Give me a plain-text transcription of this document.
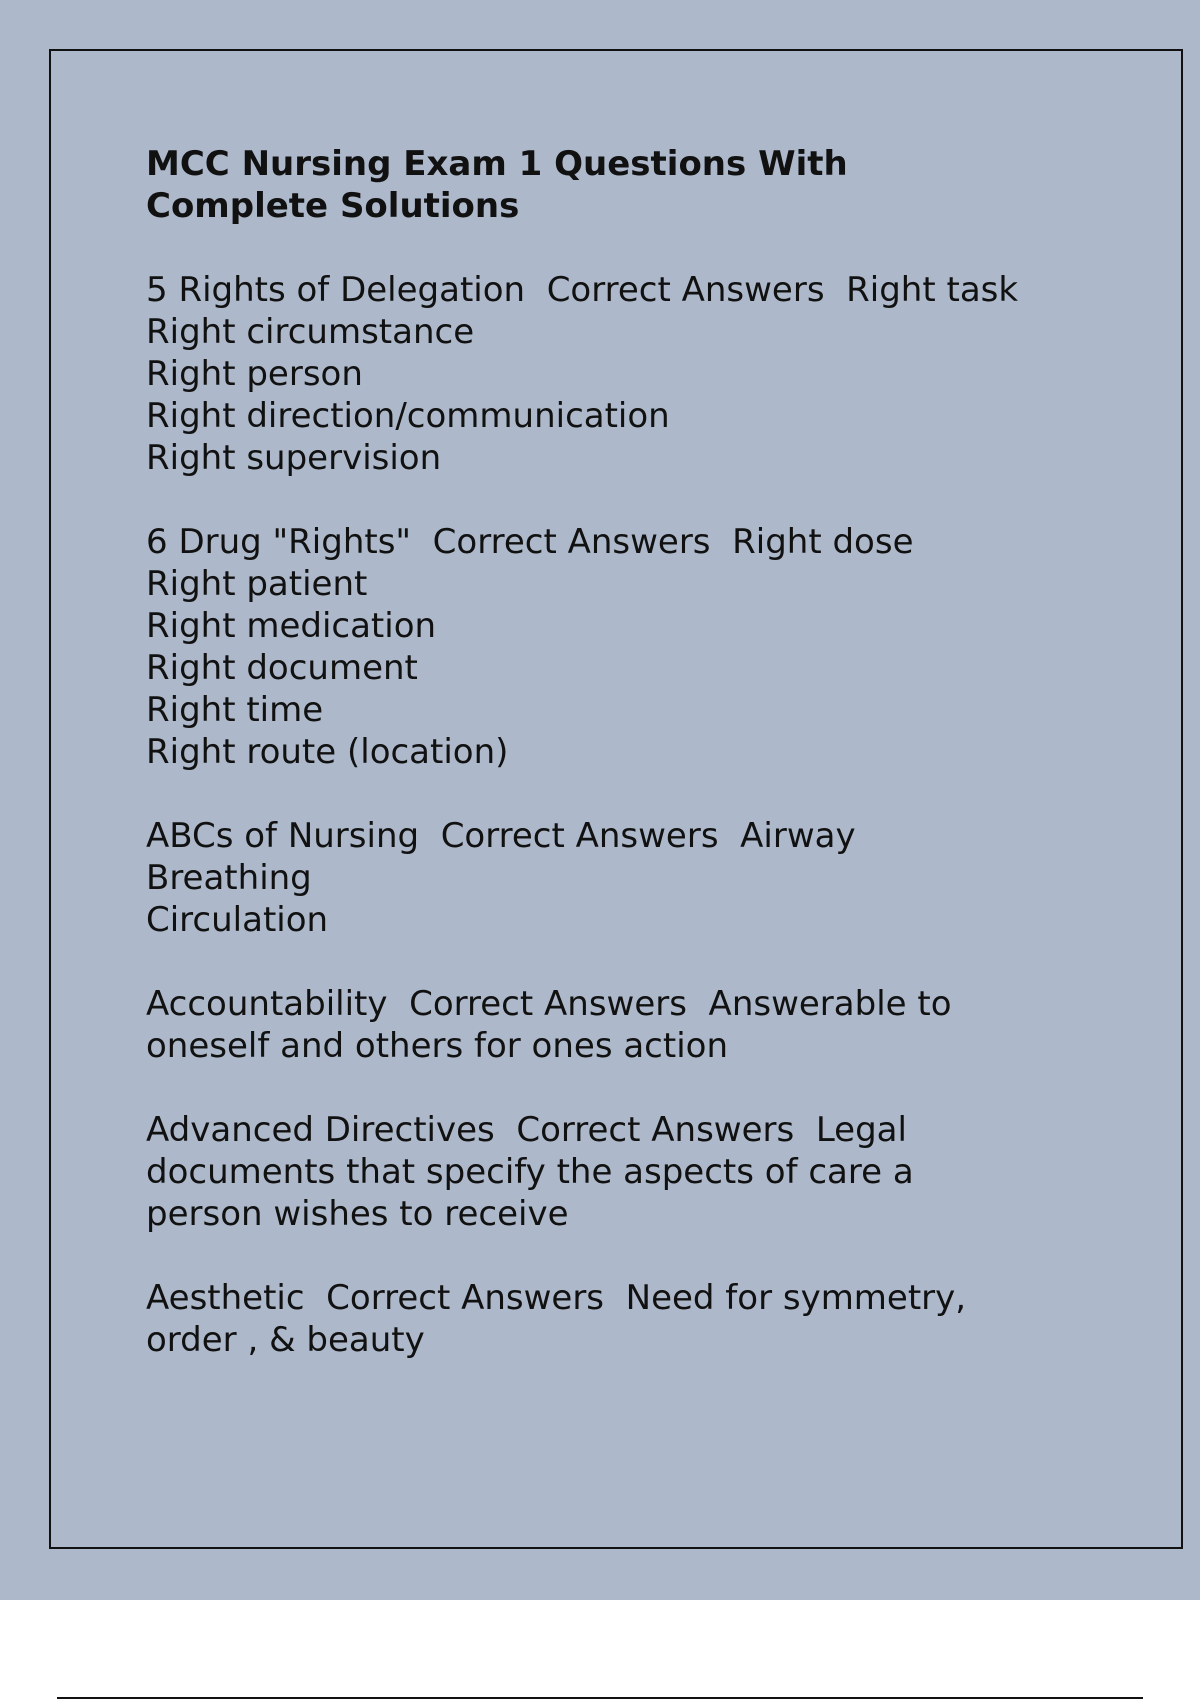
MCC Nursing Exam 1 Questions With
Complete Solutions
5 Rights of Delegation  Correct Answers  Right task
Right circumstance
Right person
Right direction/communication
Right supervision
6 Drug "Rights"  Correct Answers  Right dose
Right patient
Right medication
Right document
Right time
Right route (location)
ABCs of Nursing  Correct Answers  Airway
Breathing
Circulation
Accountability  Correct Answers  Answerable to
oneself and others for ones action
Advanced Directives  Correct Answers  Legal
documents that specify the aspects of care a
person wishes to receive
Aesthetic  Correct Answers  Need for symmetry,
order , & beauty
